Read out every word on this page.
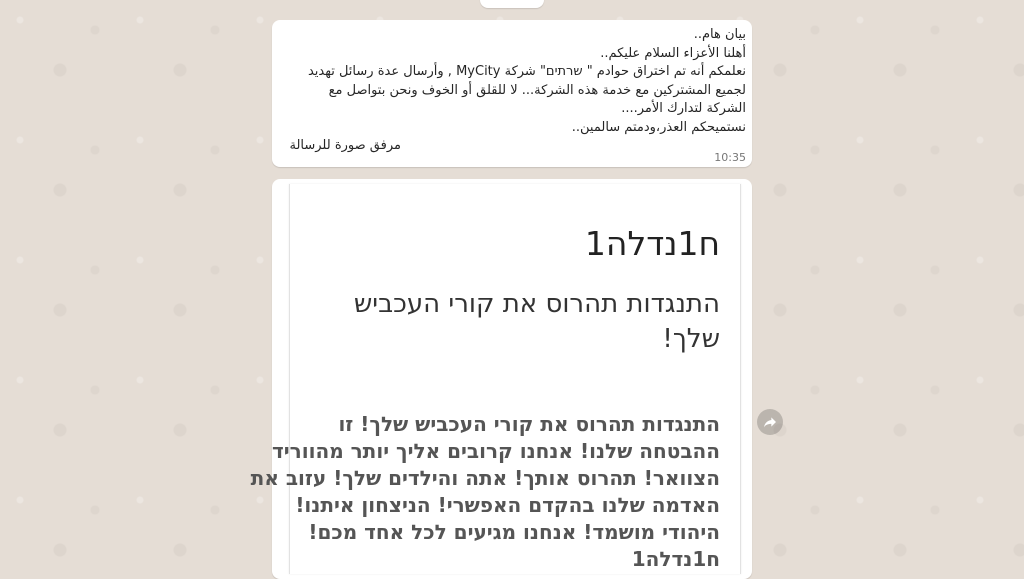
بيان هام..
أهلنا الأعزاء السلام عليكم..
نعلمكم أنه تم اختراق حوادم " שרתים" شركة MyCity , وأرسال عدة رسائل تهديد
لجميع المشتركين مع خدمة هذه الشركة... لا للقلق أو الخوف ونحن بتواصل مع
الشركة لتدارك الأمر....
نستميحكم العذر،ودمتم سالمين..
مرفق صورة للرسالة
10:35
ח1נדלה1
התנגדות תהרוס את קורי העכביש שלך!
התנגדות תהרוס את קורי העכביש שלך! זו
ההבטחה שלנו! אנחנו קרובים אליך יותר מהווריד
הצוואר! תהרוס אותך! אתה והילדים שלך! עזוב את
האדמה שלנו בהקדם האפשרי! הניצחון איתנו!
היהודי מושמד! אנחנו מגיעים לכל אחד מכם!
ח1נדלה1
